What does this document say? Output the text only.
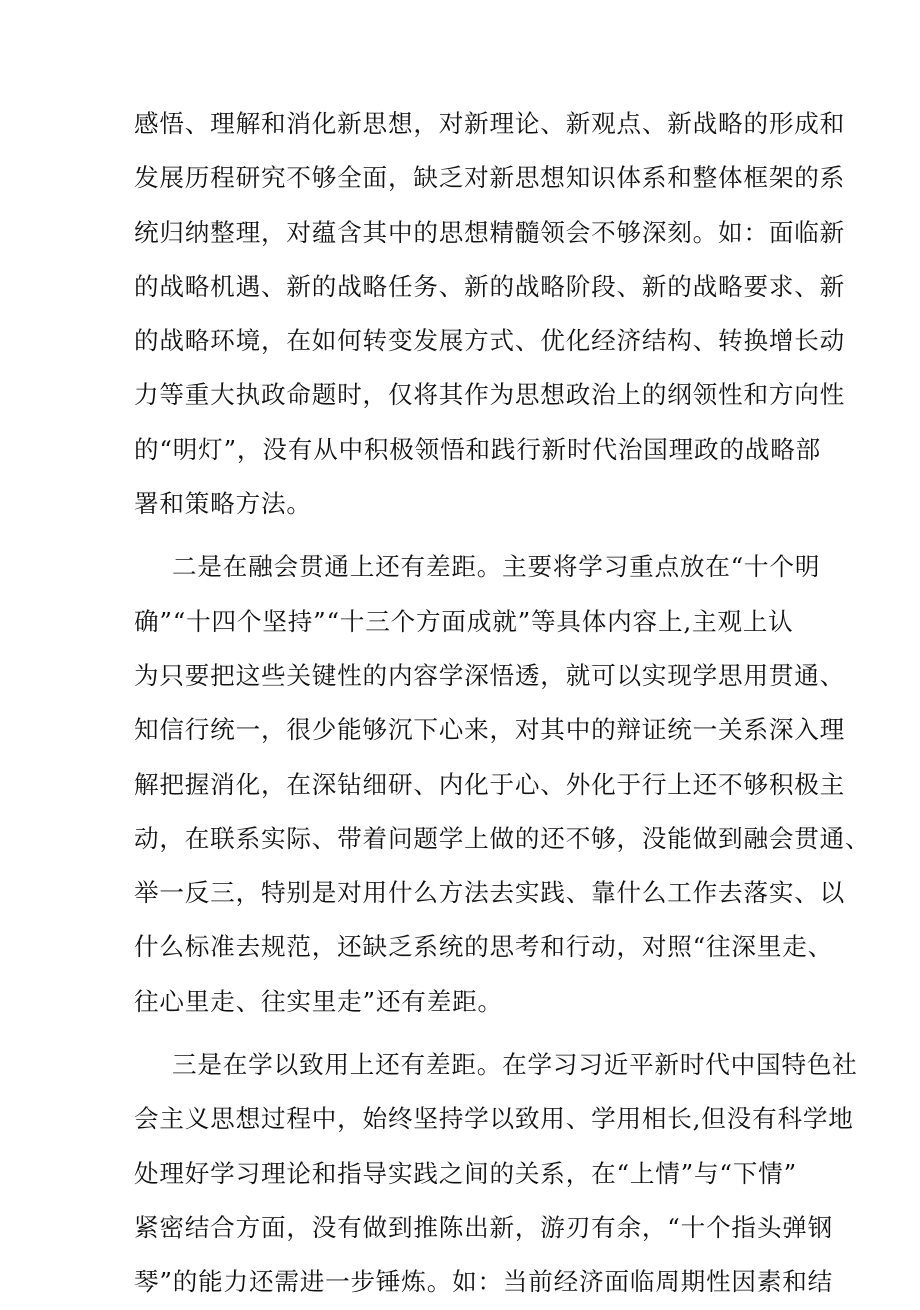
感悟、理解和消化新思想，对新理论、新观点、新战略的形成和
发展历程研究不够全面，缺乏对新思想知识体系和整体框架的系
统归纳整理，对蕴含其中的思想精髓领会不够深刻。如：面临新
的战略机遇、新的战略任务、新的战略阶段、新的战略要求、新
的战略环境，在如何转变发展方式、优化经济结构、转换增长动
力等重大执政命题时，仅将其作为思想政治上的纲领性和方向性
的“明灯”，没有从中积极领悟和践行新时代治国理政的战略部
署和策略方法。
二是在融会贯通上还有差距。主要将学习重点放在“十个明
确”“十四个坚持”“十三个方面成就”等具体内容上,主观上认
为只要把这些关键性的内容学深悟透，就可以实现学思用贯通、
知信行统一，很少能够沉下心来，对其中的辩证统一关系深入理
解把握消化，在深钻细研、内化于心、外化于行上还不够积极主
动，在联系实际、带着问题学上做的还不够，没能做到融会贯通、
举一反三，特别是对用什么方法去实践、靠什么工作去落实、以
什么标准去规范，还缺乏系统的思考和行动，对照“往深里走、
往心里走、往实里走”还有差距。
三是在学以致用上还有差距。在学习习近平新时代中国特色社
会主义思想过程中，始终坚持学以致用、学用相长,但没有科学地
处理好学习理论和指导实践之间的关系，在“上情”与“下情”
紧密结合方面，没有做到推陈出新，游刃有余，“十个指头弹钢
琴”的能力还需进一步锤炼。如：当前经济面临周期性因素和结
